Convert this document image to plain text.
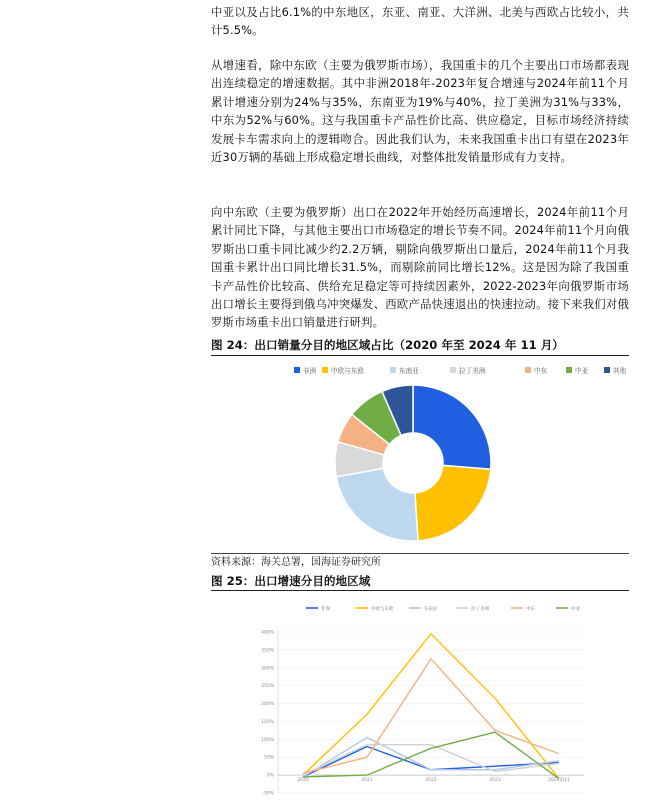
中亚以及占比6.1%的中东地区，东亚、南亚、大洋洲、北美与西欧占比较小，共计5.5%。

从增速看，除中东欧（主要为俄罗斯市场），我国重卡的几个主要出口市场都表现出连续稳定的增速数据。其中非洲2018年-2023年复合增速与2024年前11个月累计增速分别为24%与35%，东南亚为19%与40%，拉丁美洲为31%与33%，中东为52%与60%。这与我国重卡产品性价比高、供应稳定，目标市场经济持续发展卡车需求向上的逻辑吻合。因此我们认为，未来我国重卡出口有望在2023年近30万辆的基础上形成稳定增长曲线，对整体批发销量形成有力支持。

向中东欧（主要为俄罗斯）出口在2022年开始经历高速增长，2024年前11个月累计同比下降，与其他主要出口市场稳定的增长节奏不同。2024年前11个月向俄罗斯出口重卡同比减少约2.2万辆，剔除向俄罗斯出口量后，2024年前11个月我国重卡累计出口同比增长31.5%，而剔除前同比增长12%。这是因为除了我国重卡产品性价比较高、供给充足稳定等可持续因素外，2022-2023年向俄罗斯市场出口增长主要得到俄乌冲突爆发、西欧产品快速退出的快速拉动。接下来我们对俄罗斯市场重卡出口销量进行研判。

图 24：出口销量分目的地区域占比（2020 年至 2024 年 11 月）
非洲 中欧与东欧	东南亚	拉丁美洲	中东	中亚	其他
资料来源：海关总署，国海证券研究所
图 25：出口增速分目的地区域
非洲	中欧与东欧	东南亚	拉丁美洲	中东	中亚
400%
350%
300%
250%
200%
150%
100%
50%
0%
-50%
2020	2021	2022	2023	2024前11
